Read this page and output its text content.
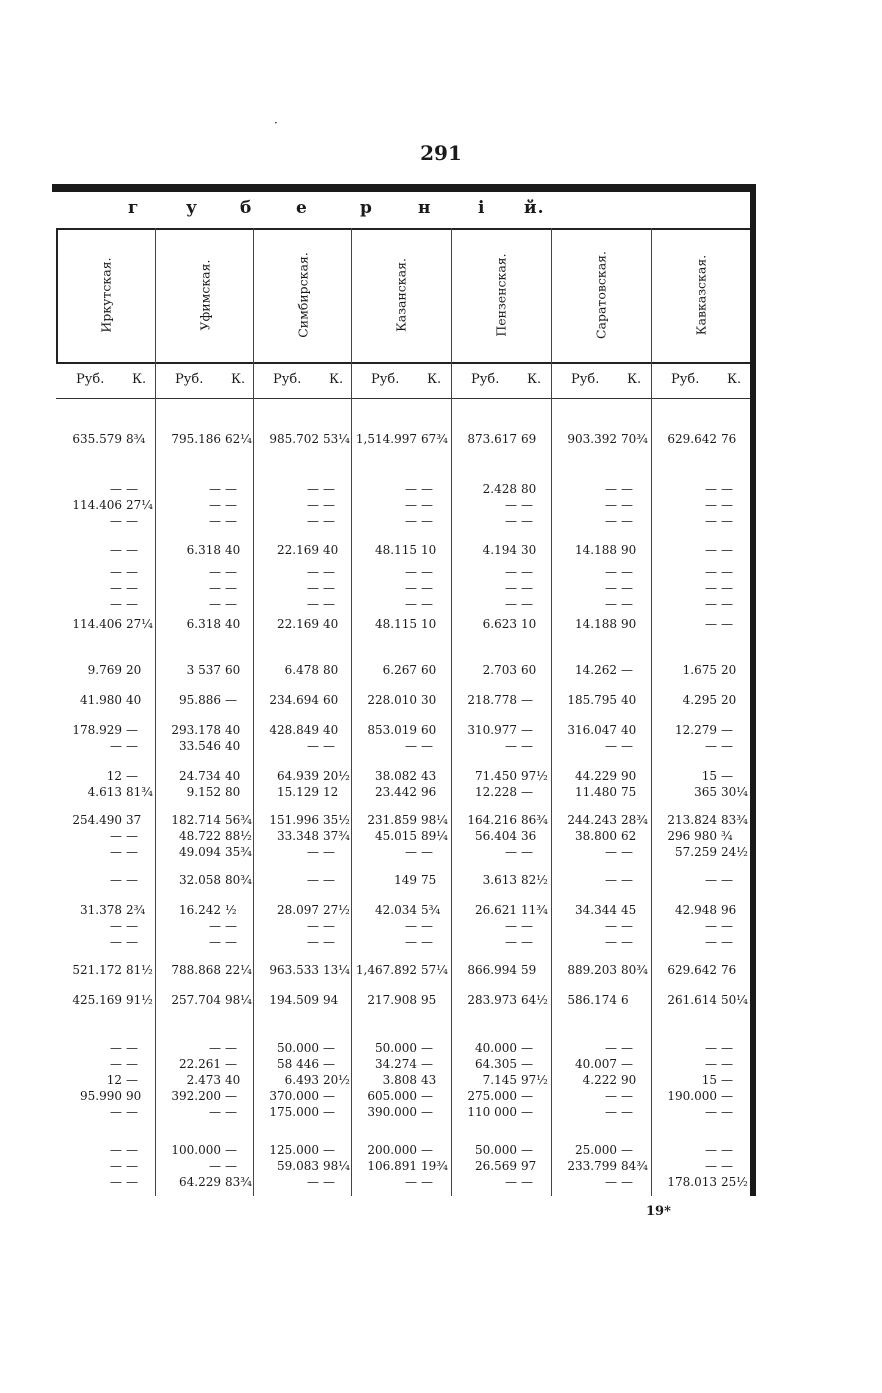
291
·
г	у б	е	р	н	і й.
Иркутская.
Руб. К.
Уфимская.
Руб. К.
Симбирская.
Руб. К.
Казанская.
Руб. К.
Пензенская.
Руб. К.
Саратовская.
Руб. К.
Кавказская.
Руб. К.
635.579 8¾	795.186 62¼	985.702 53¼ 1,514.997 67¾	873.617 69	903.392 70¾	629.642 76
— —	— —	— —	— —	2.428 80	— —	— —
114.406 27¼	— —	— —	— —	— —	— —	— —
— —	— —	— —	— —	— —	— —	— —
— —	6.318 40	22.169 40	48.115 10	4.194 30	14.188 90	— —
— —	— —	— —	— —	— —	— —	— —
— —	— —	— —	— —	— —	— —	— —
— —	— —	— —	— —	— —	— —	— —
114.406 27¼	6.318 40	22.169 40	48.115 10	6.623 10	14.188 90	— —
9.769 20	3 537 60	6.478 80	6.267 60	2.703 60	14.262 —	1.675 20
41.980 40	95.886 —	234.694 60	228.010 30	218.778 —	185.795 40	4.295 20
178.929 —	293.178 40	428.849 40	853.019 60	310.977 —	316.047 40	12.279 —
— —	33.546 40	— —	— —	— —	— —	— —
12 —	24.734 40	64.939 20½	38.082 43	71.450 97½	44.229 90	15 —
4.613 81¾	9.152 80	15.129 12	23.442 96	12.228 —	11.480 75	365 30¼
254.490 37	182.714 56¾	151.996 35½	231.859 98¼	164.216 86¾	244.243 28¾	213.824 83¾
— —	48.722 88½	33.348 37¾	45.015 89¼	56.404 36	38.800 62	296 980 ¾
— —	49.094 35¾	— —	— —	— —	— —	57.259 24½
— —	32.058 80¾	— —	149 75	3.613 82½	— —	— —
31.378 2¾	16.242 ½	28.097 27½	42.034 5¾	26.621 11¾	34.344 45	42.948 96
— —	— —	— —	— —	— —	— —	— —
— —	— —	— —	— —	— —	— —	— —
521.172 81½	788.868 22¼	963.533 13¼ 1,467.892 57¼	866.994 59	889.203 80¾	629.642 76
425.169 91½	257.704 98¼	194.509 94	217.908 95	283.973 64½	586.174 6	261.614 50¼
— —	— —	50.000 —	50.000 —	40.000 —	— —	— —
— —	22.261 —	58 446 —	34.274 —	64.305 —	40.007 —	— —
12 —	2.473 40	6.493 20½	3.808 43	7.145 97½	4.222 90	15 —
95.990 90	392.200 —	370.000 —	605.000 —	275.000 —	— —	190.000 —
— —	— —	175.000 —	390.000 —	110 000 —	— —	— —
— —	100.000 —	125.000 —	200.000 —	50.000 —	25.000 —	— —
— —	— —	59.083 98¼	106.891 19¾	26.569 97	233.799 84¾	— —
— —	64.229 83¾	— —	— —	— —	— —	178.013 25½
19*
